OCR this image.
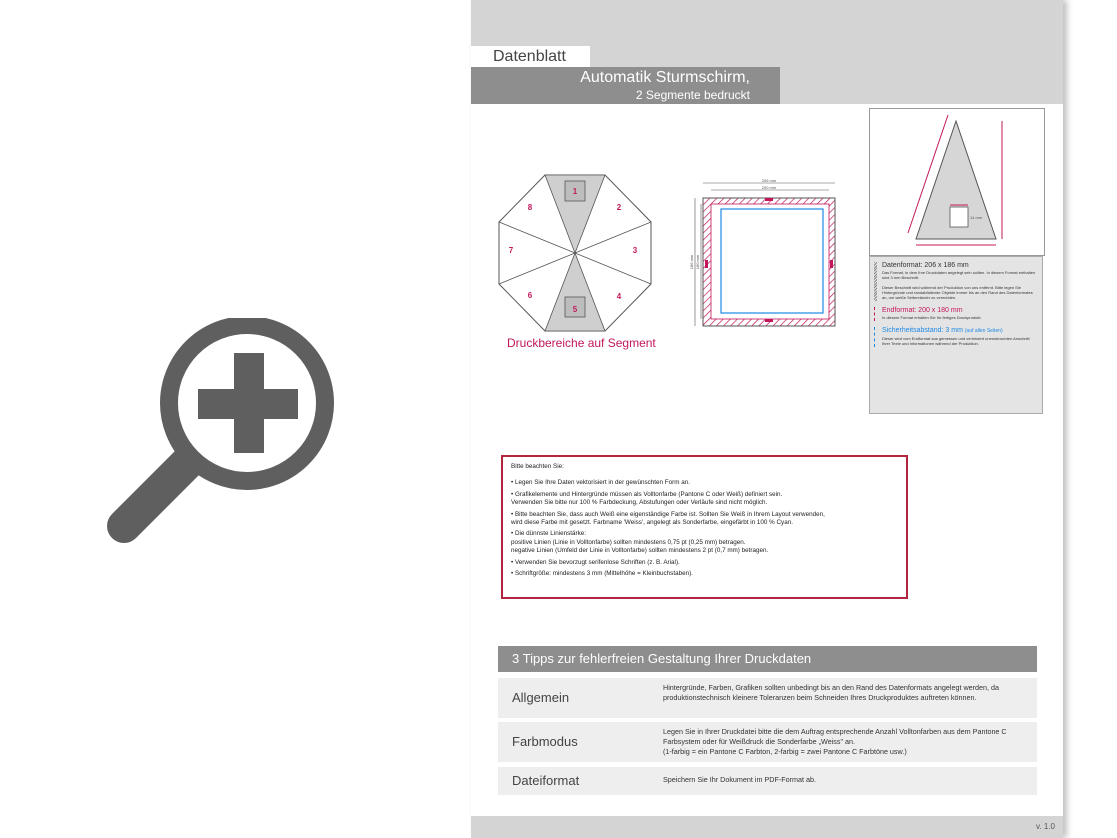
Datenblatt
Automatik Sturmschirm,
2 Segmente bedruckt
1
2
3
4
5
6
7
8
Druckbereiche auf Segment
206 mm
200 mm
186 mm 180 mm
14 mm
Datenformat: 206 x 186 mm
Das Format, in dem Ihre Druckdaten angelegt sein sollten. In diesem Format enthalten sind 3 mm Beschnitt.
Dieser Beschnitt wird während der Produktion von uns entfernt. Bitte legen Sie Hintergründe und randabfallende Objekte immer bis an den Rand des Datenformates an, um weiße Seitenränder zu vermeiden.
Endformat: 200 x 180 mm
In diesem Format erhalten Sie Ihr fertiges Druckprodukt.
Sicherheitsabstand: 3 mm (auf allen Seiten)
Dieser wird vom Endformat aus gemessen und verhindert unerwünschten Anschnitt Ihrer Texte und Informationen während der Produktion.
Bitte beachten Sie:
• Legen Sie Ihre Daten vektorisiert in der gewünschten Form an.
• Grafikelemente und Hintergründe müssen als Volltonfarbe (Pantone C oder Weiß) definiert sein.
Verwenden Sie bitte nur 100 % Farbdeckung, Abstufungen oder Verläufe sind nicht möglich.
• Bitte beachten Sie, dass auch Weiß eine eigenständige Farbe ist. Sollten Sie Weiß in Ihrem Layout verwenden,
wird diese Farbe mit gesetzt. Farbname 'Weiss', angelegt als Sonderfarbe, eingefärbt in 100 % Cyan.
• Die dünnste Linienstärke:
positive Linien (Linie in Volltonfarbe) sollten mindestens 0,75 pt (0,25 mm) betragen.
negative Linien (Umfeld der Linie in Volltonfarbe) sollten mindestens 2 pt (0,7 mm) betragen.
• Verwenden Sie bevorzugt serifenlose Schriften (z. B. Arial).
• Schriftgröße: mindestens 3 mm (Mittelhöhe = Kleinbuchstaben).
3 Tipps zur fehlerfreien Gestaltung Ihrer Druckdaten
Allgemein
Hintergründe, Farben, Grafiken sollten unbedingt bis an den Rand des Datenformats angelegt werden, da produktionstechnisch kleinere Toleranzen beim Schneiden Ihres Druckproduktes auftreten können.
Farbmodus
Legen Sie in Ihrer Druckdatei bitte die dem Auftrag entsprechende Anzahl Volltonfarben aus dem Pantone C Farbsystem oder für Weißdruck die Sonderfarbe „Weiss" an.
(1-farbig = ein Pantone C Farbton, 2-farbig = zwei Pantone C Farbtöne usw.)
Dateiformat	Speichern Sie Ihr Dokument im PDF-Format ab.
v. 1.0
